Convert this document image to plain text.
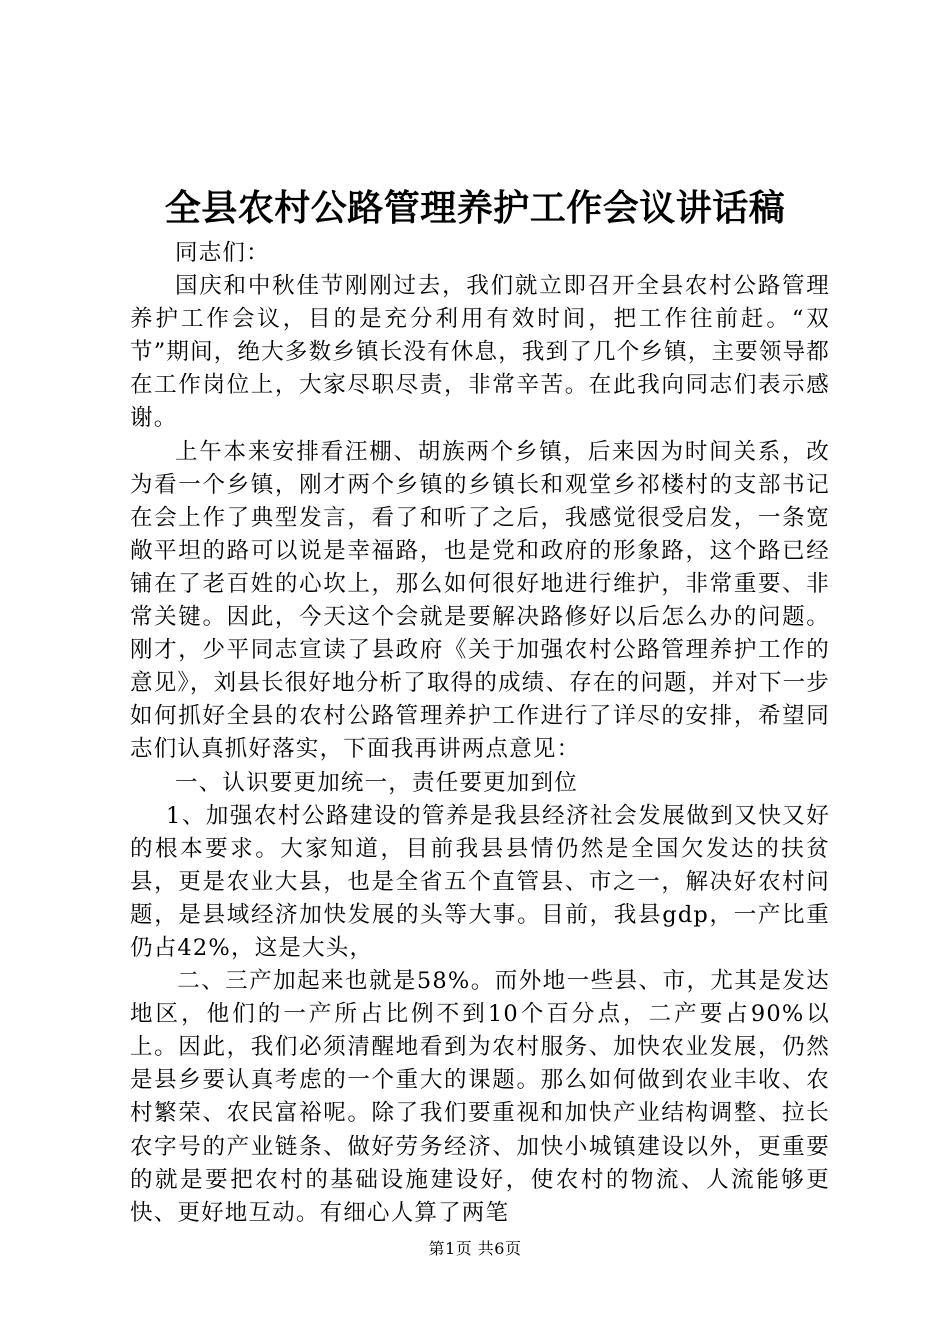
全县农村公路管理养护工作会议讲话稿

同志们：

国庆和中秋佳节刚刚过去，我们就立即召开全县农村公路管理养护工作会议，目的是充分利用有效时间，把工作往前赶。“双节”期间，绝大多数乡镇长没有休息，我到了几个乡镇，主要领导都在工作岗位上，大家尽职尽责，非常辛苦。在此我向同志们表示感谢。

上午本来安排看汪棚、胡族两个乡镇，后来因为时间关系，改为看一个乡镇，刚才两个乡镇的乡镇长和观堂乡祁楼村的支部书记在会上作了典型发言，看了和听了之后，我感觉很受启发，一条宽敞平坦的路可以说是幸福路，也是党和政府的形象路，这个路已经铺在了老百姓的心坎上，那么如何很好地进行维护，非常重要、非常关键。因此，今天这个会就是要解决路修好以后怎么办的问题。刚才，少平同志宣读了县政府《关于加强农村公路管理养护工作的意见》，刘县长很好地分析了取得的成绩、存在的问题，并对下一步如何抓好全县的农村公路管理养护工作进行了详尽的安排，希望同志们认真抓好落实，下面我再讲两点意见：

一、认识要更加统一，责任要更加到位

1、加强农村公路建设的管养是我县经济社会发展做到又快又好的根本要求。大家知道，目前我县县情仍然是全国欠发达的扶贫县，更是农业大县，也是全省五个直管县、市之一，解决好农村问题，是县域经济加快发展的头等大事。目前，我县gdp，一产比重仍占42%，这是大头，

二、三产加起来也就是58%。而外地一些县、市，尤其是发达地区，他们的一产所占比例不到10个百分点，二产要占90%以上。因此，我们必须清醒地看到为农村服务、加快农业发展，仍然是县乡要认真考虑的一个重大的课题。那么如何做到农业丰收、农村繁荣、农民富裕呢。除了我们要重视和加快产业结构调整、拉长农字号的产业链条、做好劳务经济、加快小城镇建设以外，更重要的就是要把农村的基础设施建设好，使农村的物流、人流能够更快、更好地互动。有细心人算了两笔

第1页 共6页
